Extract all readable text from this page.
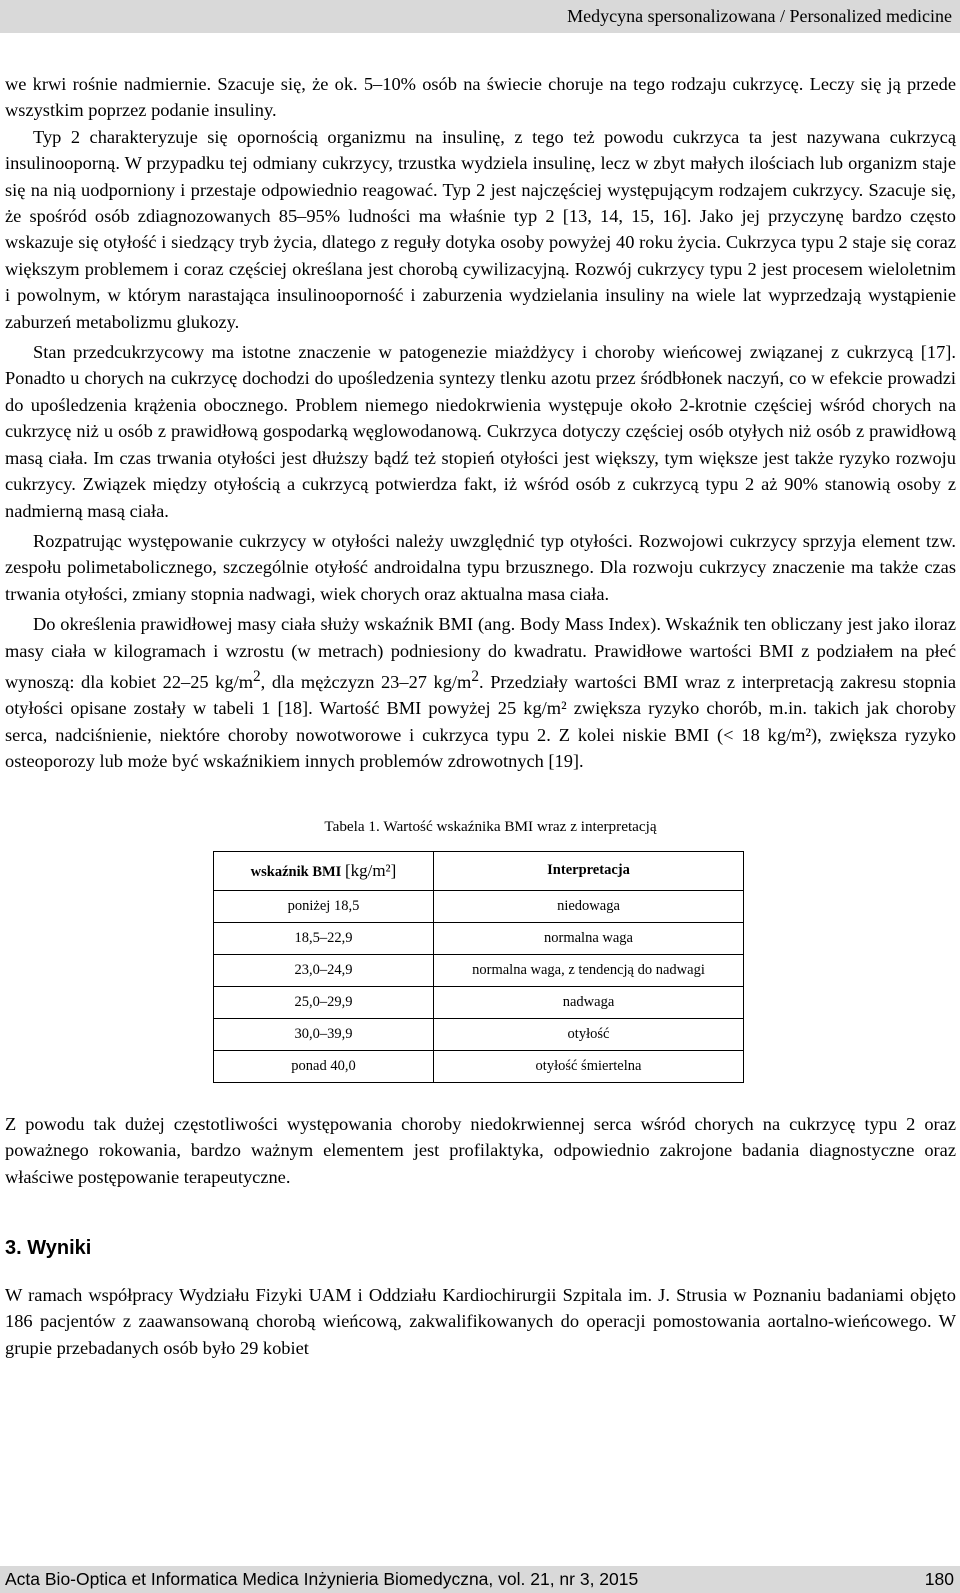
Medycyna spersonalizowana / Personalized medicine

we krwi rośnie nadmiernie. Szacuje się, że ok. 5–10% osób na świecie choruje na tego rodzaju cukrzycę. Leczy się ją przede wszystkim poprzez podanie insuliny.

Typ 2 charakteryzuje się opornością organizmu na insulinę, z tego też powodu cukrzyca ta jest nazywana cukrzycą insulinooporną. W przypadku tej odmiany cukrzycy, trzustka wydziela insulinę, lecz w zbyt małych ilościach lub organizm staje się na nią uodporniony i przestaje odpowiednio reagować. Typ 2 jest najczęściej występującym rodzajem cukrzycy. Szacuje się, że spośród osób zdiagnozowanych 85–95% ludności ma właśnie typ 2 [13, 14, 15, 16]. Jako jej przyczynę bardzo często wskazuje się otyłość i siedzący tryb życia, dlatego z reguły dotyka osoby powyżej 40 roku życia. Cukrzyca typu 2 staje się coraz większym problemem i coraz częściej określana jest chorobą cywilizacyjną. Rozwój cukrzycy typu 2 jest procesem wieloletnim i powolnym, w którym narastająca insulinooporność i zaburzenia wydzielania insuliny na wiele lat wyprzedzają wystąpienie zaburzeń metabolizmu glukozy.

Stan przedcukrzycowy ma istotne znaczenie w patogenezie miażdżycy i choroby wieńcowej związanej z cukrzycą [17]. Ponadto u chorych na cukrzycę dochodzi do upośledzenia syntezy tlenku azotu przez śródbłonek naczyń, co w efekcie prowadzi do upośledzenia krążenia obocznego. Problem niemego niedokrwienia występuje około 2-krotnie częściej wśród chorych na cukrzycę niż u osób z prawidłową gospodarką węglowodanową. Cukrzyca dotyczy częściej osób otyłych niż osób z prawidłową masą ciała. Im czas trwania otyłości jest dłuższy bądź też stopień otyłości jest większy, tym większe jest także ryzyko rozwoju cukrzycy. Związek między otyłością a cukrzycą potwierdza fakt, iż wśród osób z cukrzycą typu 2 aż 90% stanowią osoby z nadmierną masą ciała.

Rozpatrując występowanie cukrzycy w otyłości należy uwzględnić typ otyłości. Rozwojowi cukrzycy sprzyja element tzw. zespołu polimetabolicznego, szczególnie otyłość androidalna typu brzusznego. Dla rozwoju cukrzycy znaczenie ma także czas trwania otyłości, zmiany stopnia nadwagi, wiek chorych oraz aktualna masa ciała.

Do określenia prawidłowej masy ciała służy wskaźnik BMI (ang. Body Mass Index). Wskaźnik ten obliczany jest jako iloraz masy ciała w kilogramach i wzrostu (w metrach) podniesiony do kwadratu. Prawidłowe wartości BMI z podziałem na płeć wynoszą: dla kobiet 22–25 $kg/m^2$, dla mężczyzn 23–27 $kg/m^2$. Przedziały wartości BMI wraz z interpretacją zakresu stopnia otyłości opisane zostały w tabeli 1 [18]. Wartość BMI powyżej 25 kg/m² zwiększa ryzyko chorób, m.in. takich jak choroby serca, nadciśnienie, niektóre choroby nowotworowe i cukrzyca typu 2. Z kolei niskie BMI (< 18 kg/m²), zwiększa ryzyko osteoporozy lub może być wskaźnikiem innych problemów zdrowotnych [19].

Tabela 1. Wartość wskaźnika BMI wraz z interpretacją
wskaźnik BMI [kg/m²]	Interpretacja
poniżej 18,5	niedowaga
18,5–22,9	normalna waga
23,0–24,9	normalna waga, z tendencją do nadwagi
25,0–29,9	nadwaga
30,0–39,9	otyłość
ponad 40,0	otyłość śmiertelna

Z powodu tak dużej częstotliwości występowania choroby niedokrwiennej serca wśród chorych na cukrzycę typu 2 oraz poważnego rokowania, bardzo ważnym elementem jest profilaktyka, odpowiednio zakrojone badania diagnostyczne oraz właściwe postępowanie terapeutyczne.

3. Wyniki

W ramach współpracy Wydziału Fizyki UAM i Oddziału Kardiochirurgii Szpitala im. J. Strusia w Poznaniu badaniami objęto 186 pacjentów z zaawansowaną chorobą wieńcową, zakwalifikowanych do operacji pomostowania aortalno-wieńcowego. W grupie przebadanych osób było 29 kobiet

Acta Bio-Optica et Informatica Medica Inżynieria Biomedyczna, vol. 21, nr 3, 2015	180
